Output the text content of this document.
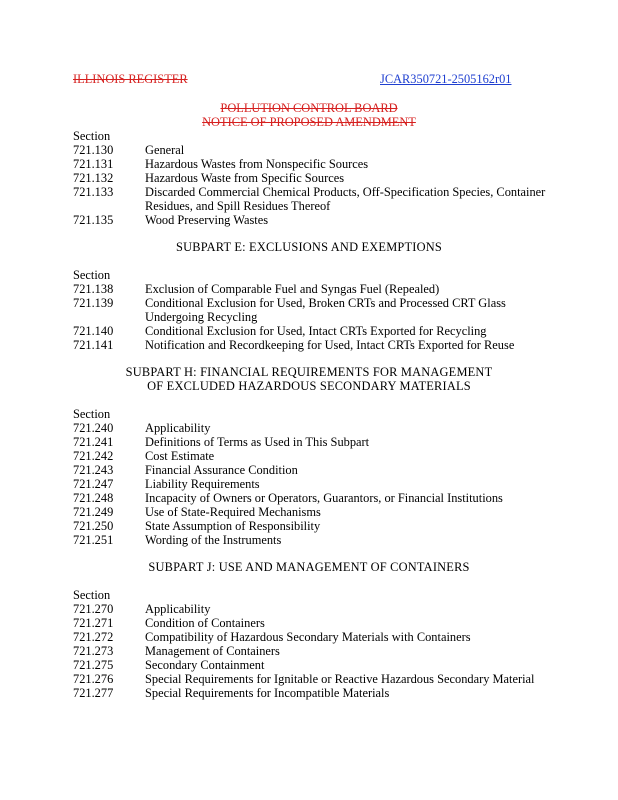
ILLINOIS REGISTER	JCAR350721-2505162r01
POLLUTION CONTROL BOARD
NOTICE OF PROPOSED AMENDMENT
Section
721.130	General
721.131	Hazardous Wastes from Nonspecific Sources
721.132	Hazardous Waste from Specific Sources
721.133	Discarded Commercial Chemical Products, Off-Specification Species, Container
Residues, and Spill Residues Thereof
721.135	Wood Preserving Wastes
SUBPART E: EXCLUSIONS AND EXEMPTIONS
Section
721.138	Exclusion of Comparable Fuel and Syngas Fuel (Repealed)
721.139	Conditional Exclusion for Used, Broken CRTs and Processed CRT Glass
Undergoing Recycling
721.140	Conditional Exclusion for Used, Intact CRTs Exported for Recycling
721.141	Notification and Recordkeeping for Used, Intact CRTs Exported for Reuse
SUBPART H: FINANCIAL REQUIREMENTS FOR MANAGEMENT
OF EXCLUDED HAZARDOUS SECONDARY MATERIALS
Section
721.240	Applicability
721.241	Definitions of Terms as Used in This Subpart
721.242	Cost Estimate
721.243	Financial Assurance Condition
721.247	Liability Requirements
721.248	Incapacity of Owners or Operators, Guarantors, or Financial Institutions
721.249	Use of State-Required Mechanisms
721.250	State Assumption of Responsibility
721.251	Wording of the Instruments
SUBPART J: USE AND MANAGEMENT OF CONTAINERS
Section
721.270	Applicability
721.271	Condition of Containers
721.272	Compatibility of Hazardous Secondary Materials with Containers
721.273	Management of Containers
721.275	Secondary Containment
721.276	Special Requirements for Ignitable or Reactive Hazardous Secondary Material
721.277	Special Requirements for Incompatible Materials
